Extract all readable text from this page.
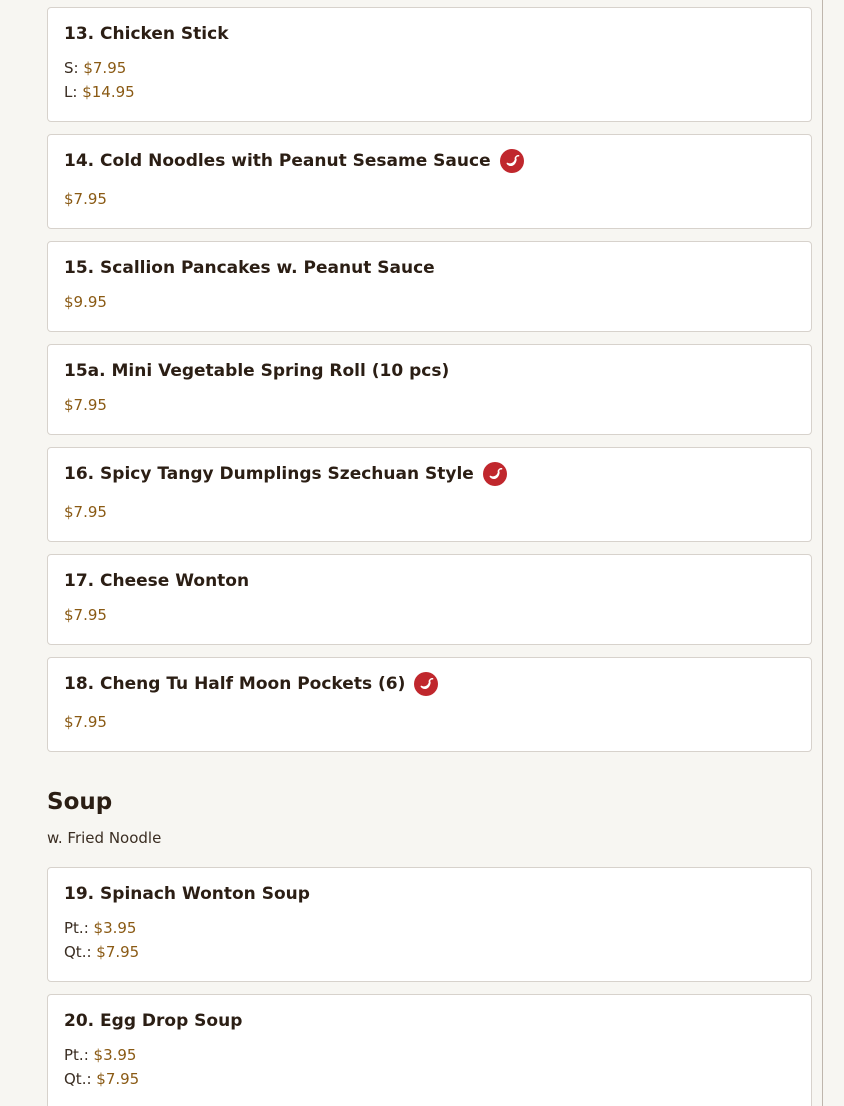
13. Chicken Stick
S: $7.95
L: $14.95
14. Cold Noodles with Peanut Sesame Sauce
$7.95
15. Scallion Pancakes w. Peanut Sauce
$9.95
15a. Mini Vegetable Spring Roll (10 pcs)
$7.95
16. Spicy Tangy Dumplings Szechuan Style
$7.95
17. Cheese Wonton
$7.95
18. Cheng Tu Half Moon Pockets (6)
$7.95
Soup
w. Fried Noodle
19. Spinach Wonton Soup
Pt.: $3.95
Qt.: $7.95
20. Egg Drop Soup
Pt.: $3.95
Qt.: $7.95
